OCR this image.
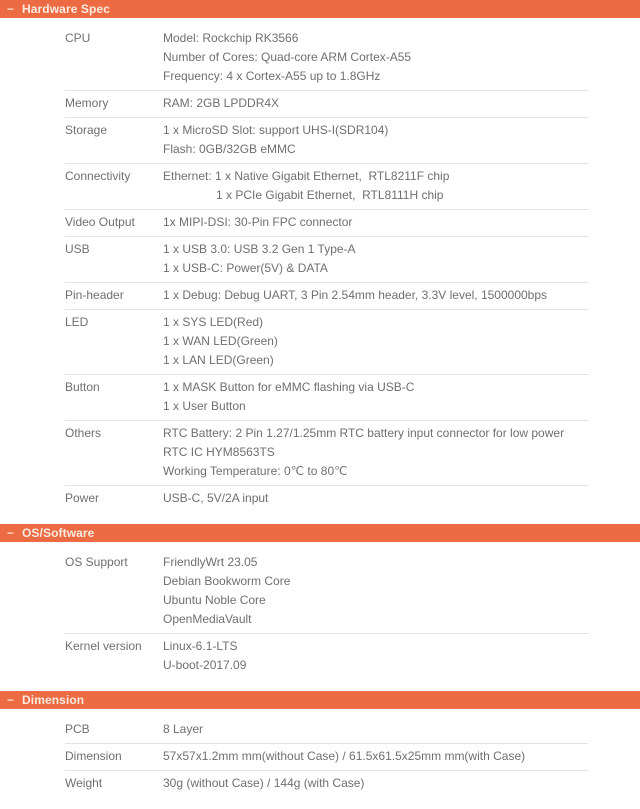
− Hardware Spec
CPU	Model: Rockchip RK3566
Number of Cores: Quad-core ARM Cortex-A55
Frequency: 4 x Cortex-A55 up to 1.8GHz
Memory	RAM: 2GB LPDDR4X
Storage	1 x MicroSD Slot: support UHS-I(SDR104)
Flash: 0GB/32GB eMMC
Connectivity	Ethernet: 1 x Native Gigabit Ethernet,  RTL8211F chip
1 x PCIe Gigabit Ethernet,  RTL8111H chip
Video Output	1x MIPI-DSI: 30-Pin FPC connector
USB	1 x USB 3.0: USB 3.2 Gen 1 Type-A
1 x USB-C: Power(5V) & DATA
Pin-header	1 x Debug: Debug UART, 3 Pin 2.54mm header, 3.3V level, 1500000bps
LED	1 x SYS LED(Red)
1 x WAN LED(Green)
1 x LAN LED(Green)
Button	1 x MASK Button for eMMC flashing via USB-C
1 x User Button
Others	RTC Battery: 2 Pin 1.27/1.25mm RTC battery input connector for low power RTC IC HYM8563TS
Working Temperature: 0℃ to 80℃
Power	USB-C, 5V/2A input
− OS/Software
OS Support	FriendlyWrt 23.05
Debian Bookworm Core
Ubuntu Noble Core
OpenMediaVault
Kernel version	Linux-6.1-LTS
U-boot-2017.09
− Dimension
PCB	8 Layer
Dimension	57x57x1.2mm mm(without Case) / 61.5x61.5x25mm mm(with Case)
Weight	30g (without Case) / 144g (with Case)
